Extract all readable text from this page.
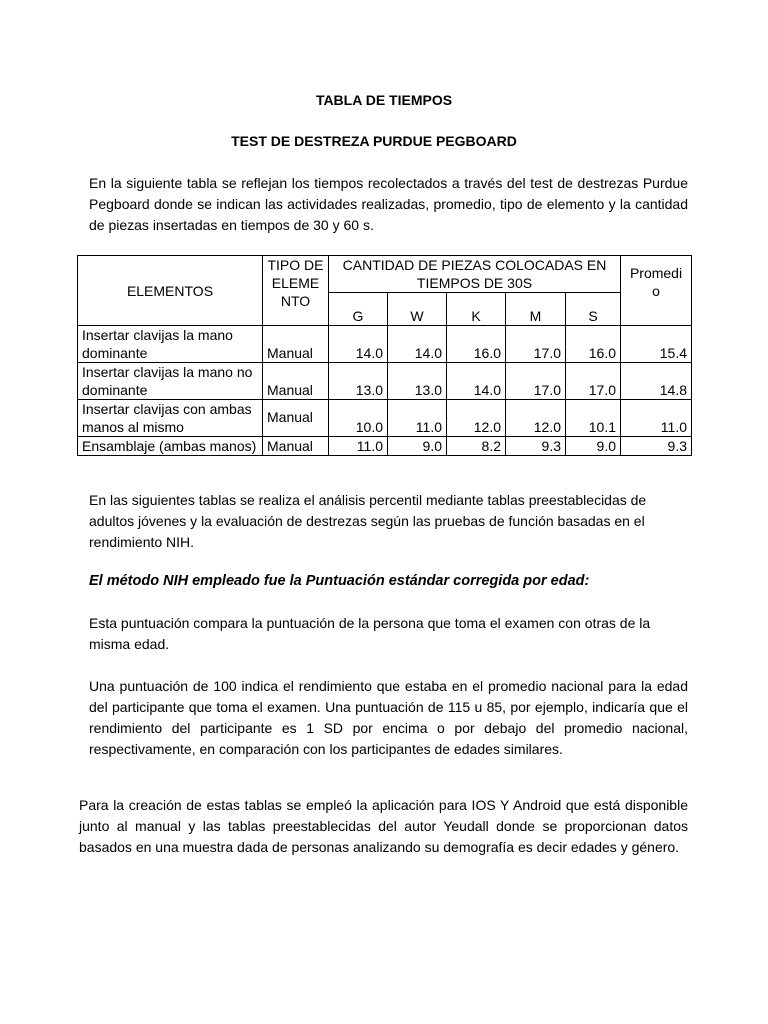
TABLA DE TIEMPOS
TEST DE DESTREZA PURDUE PEGBOARD
En la siguiente tabla se reflejan los tiempos recolectados a través del test de destrezas Purdue Pegboard donde se indican las actividades realizadas, promedio, tipo de elemento y la cantidad de piezas insertadas en tiempos de 30 y 60 s.
ELEMENTOS	TIPO DE ELEME NTO	CANTIDAD DE PIEZAS COLOCADAS EN TIEMPOS DE 30S					Promedi o
		G	W	K	M	S	
Insertar clavijas la mano dominante	Manual	14.0	14.0	16.0	17.0	16.0	15.4
Insertar clavijas la mano no dominante	Manual	13.0	13.0	14.0	17.0	17.0	14.8
Insertar clavijas con ambas manos al mismo	Manual	10.0	11.0	12.0	12.0	10.1	11.0
Ensamblaje (ambas manos)	Manual	11.0	9.0	8.2	9.3	9.0	9.3
En las siguientes tablas se realiza el análisis percentil mediante tablas preestablecidas de adultos jóvenes y la evaluación de destrezas según las pruebas de función basadas en el rendimiento NIH.
El método NIH empleado fue la Puntuación estándar corregida por edad:
Esta puntuación compara la puntuación de la persona que toma el examen con otras de la misma edad.
Una puntuación de 100 indica el rendimiento que estaba en el promedio nacional para la edad del participante que toma el examen. Una puntuación de 115 u 85, por ejemplo, indicaría que el rendimiento del participante es 1 SD por encima o por debajo del promedio nacional, respectivamente, en comparación con los participantes de edades similares.
Para la creación de estas tablas se empleó la aplicación para IOS Y Android que está disponible junto al manual y las tablas preestablecidas del autor Yeudall donde se proporcionan datos basados en una muestra dada de personas analizando su demografía es decir edades y género.
